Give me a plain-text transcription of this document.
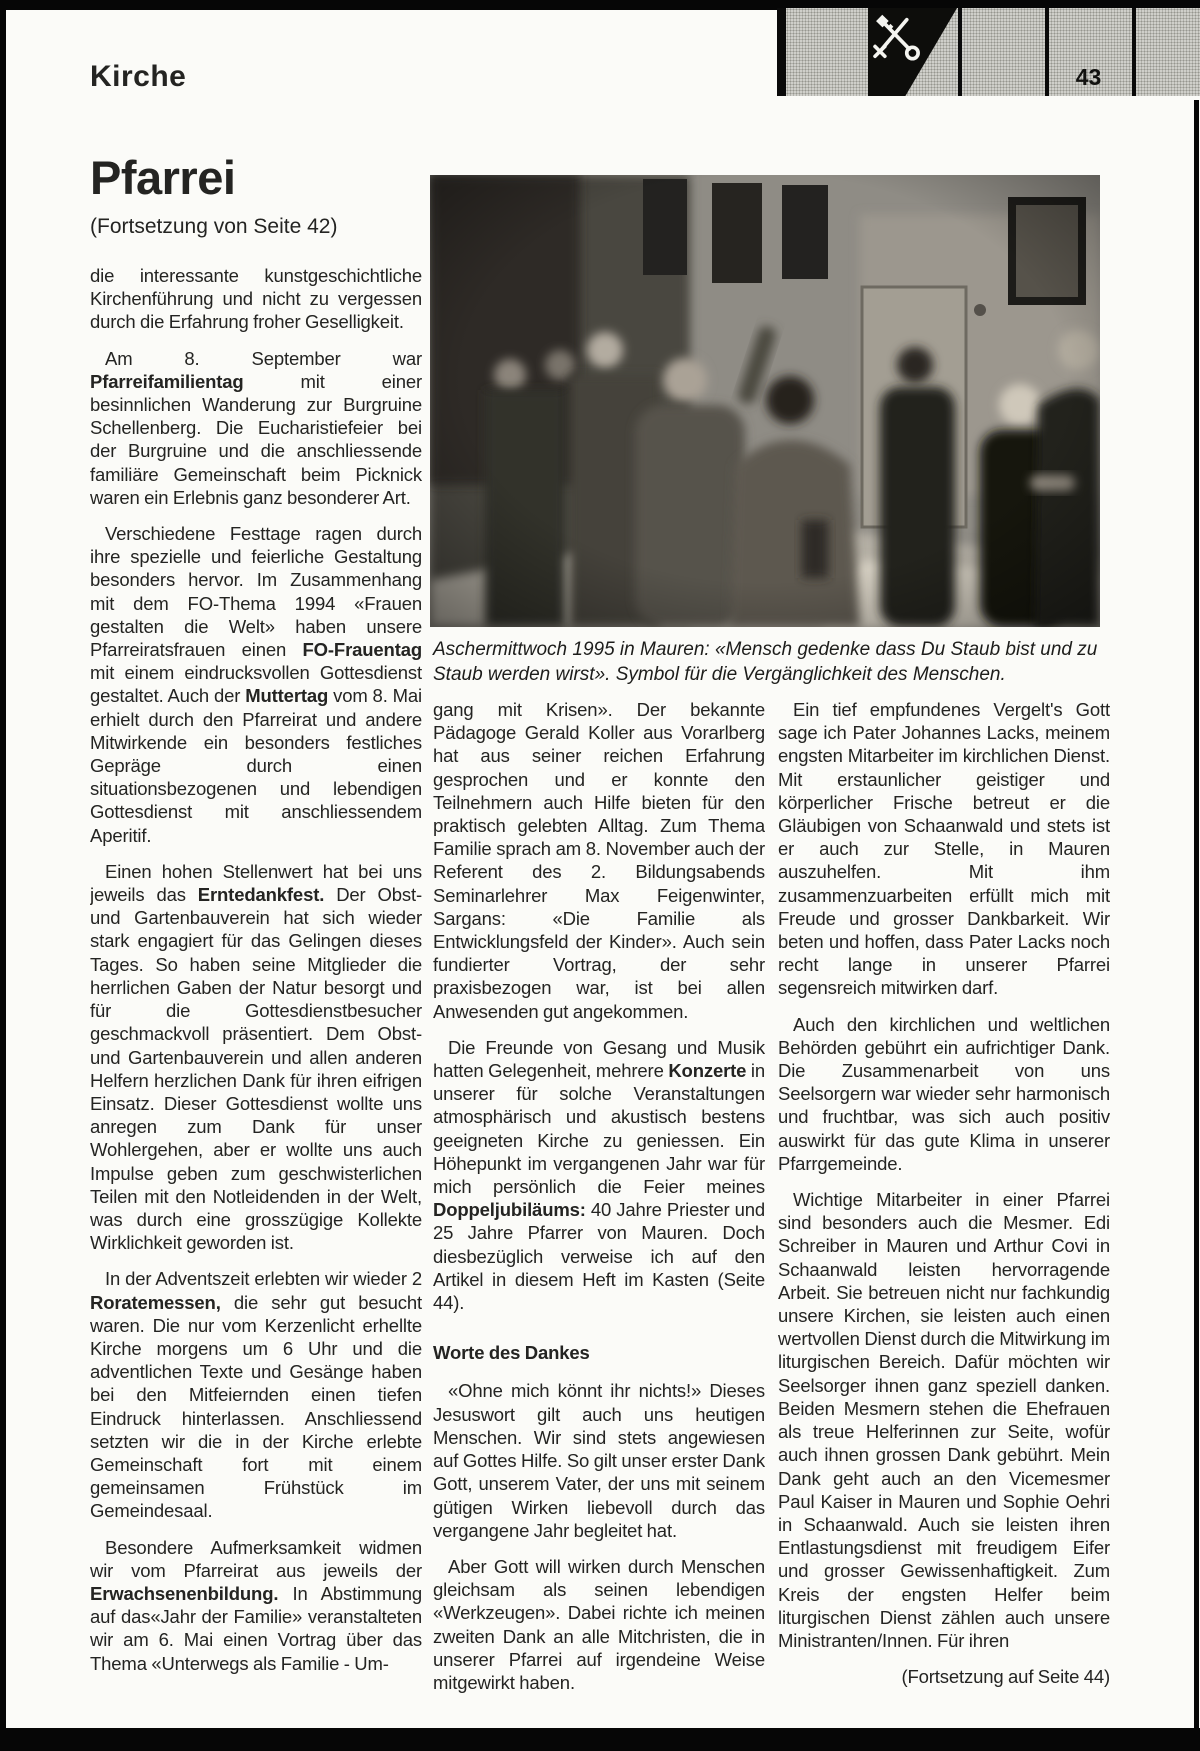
Kirche	43
Pfarrei
(Fortsetzung von Seite 42)
Aschermittwoch 1995 in Mauren: «Mensch gedenke dass Du Staub bist und zu Staub werden wirst». Symbol für die Vergänglichkeit des Menschen.

die interessante kunstgeschichtliche Kirchenführung und nicht zu vergessen durch die Erfahrung froher Geselligkeit.

Am 8. September war Pfarreifamilientag mit einer besinnlichen Wanderung zur Burgruine Schellenberg. Die Eucharistiefeier bei der Burgruine und die anschliessende familiäre Gemeinschaft beim Picknick waren ein Erlebnis ganz besonderer Art.

Verschiedene Festtage ragen durch ihre spezielle und feierliche Gestaltung besonders hervor. Im Zusammenhang mit dem FO-Thema 1994 «Frauen gestalten die Welt» haben unsere Pfarreiratsfrauen einen FO-Frauentag mit einem eindrucksvollen Gottesdienst gestaltet. Auch der Muttertag vom 8. Mai erhielt durch den Pfarreirat und andere Mitwirkende ein besonders festliches Gepräge durch einen situationsbezogenen und lebendigen Gottesdienst mit anschliessendem Aperitif.

Einen hohen Stellenwert hat bei uns jeweils das Erntedankfest. Der Obst- und Gartenbauverein hat sich wieder stark engagiert für das Gelingen dieses Tages. So haben seine Mitglieder die herrlichen Gaben der Natur besorgt und für die Gottesdienstbesucher geschmackvoll präsentiert. Dem Obst- und Gartenbauverein und allen anderen Helfern herzlichen Dank für ihren eifrigen Einsatz. Dieser Gottesdienst wollte uns anregen zum Dank für unser Wohlergehen, aber er wollte uns auch Impulse geben zum geschwisterlichen Teilen mit den Notleidenden in der Welt, was durch eine grosszügige Kollekte Wirklichkeit geworden ist.

In der Adventszeit erlebten wir wieder 2 Roratemessen, die sehr gut besucht waren. Die nur vom Kerzenlicht erhellte Kirche morgens um 6 Uhr und die adventlichen Texte und Gesänge haben bei den Mitfeiernden einen tiefen Eindruck hinterlassen. Anschliessend setzten wir die in der Kirche erlebte Gemeinschaft fort mit einem gemeinsamen Frühstück im Gemeindesaal.

Besondere Aufmerksamkeit widmen wir vom Pfarreirat aus jeweils der Erwachsenenbildung. In Abstimmung auf das«Jahr der Familie» veranstalteten wir am 6. Mai einen Vortrag über das Thema «Unterwegs als Familie - Um-

gang mit Krisen». Der bekannte Pädagoge Gerald Koller aus Vorarlberg hat aus seiner reichen Erfahrung gesprochen und er konnte den Teilnehmern auch Hilfe bieten für den praktisch gelebten Alltag. Zum Thema Familie sprach am 8. November auch der Referent des 2. Bildungsabends Seminarlehrer Max Feigenwinter, Sargans: «Die Familie als Entwicklungsfeld der Kinder». Auch sein fundierter Vortrag, der sehr praxisbezogen war, ist bei allen Anwesenden gut angekommen.

Die Freunde von Gesang und Musik hatten Gelegenheit, mehrere Konzerte in unserer für solche Veranstaltungen atmosphärisch und akustisch bestens geeigneten Kirche zu geniessen. Ein Höhepunkt im vergangenen Jahr war für mich persönlich die Feier meines Doppeljubiläums: 40 Jahre Priester und 25 Jahre Pfarrer von Mauren. Doch diesbezüglich verweise ich auf den Artikel in diesem Heft im Kasten (Seite 44).

Worte des Dankes

«Ohne mich könnt ihr nichts!» Dieses Jesuswort gilt auch uns heutigen Menschen. Wir sind stets angewiesen auf Gottes Hilfe. So gilt unser erster Dank Gott, unserem Vater, der uns mit seinem gütigen Wirken liebevoll durch das vergangene Jahr begleitet hat.

Aber Gott will wirken durch Menschen gleichsam als seinen lebendigen «Werkzeugen». Dabei richte ich meinen zweiten Dank an alle Mitchristen, die in unserer Pfarrei auf irgendeine Weise mitgewirkt haben.

Ein tief empfundenes Vergelt's Gott sage ich Pater Johannes Lacks, meinem engsten Mitarbeiter im kirchlichen Dienst. Mit erstaunlicher geistiger und körperlicher Frische betreut er die Gläubigen von Schaanwald und stets ist er auch zur Stelle, in Mauren auszuhelfen. Mit ihm zusammenzuarbeiten erfüllt mich mit Freude und grosser Dankbarkeit. Wir beten und hoffen, dass Pater Lacks noch recht lange in unserer Pfarrei segensreich mitwirken darf.

Auch den kirchlichen und weltlichen Behörden gebührt ein aufrichtiger Dank. Die Zusammenarbeit von uns Seelsorgern war wieder sehr harmonisch und fruchtbar, was sich auch positiv auswirkt für das gute Klima in unserer Pfarrgemeinde.

Wichtige Mitarbeiter in einer Pfarrei sind besonders auch die Mesmer. Edi Schreiber in Mauren und Arthur Covi in Schaanwald leisten hervorragende Arbeit. Sie betreuen nicht nur fachkundig unsere Kirchen, sie leisten auch einen wertvollen Dienst durch die Mitwirkung im liturgischen Bereich. Dafür möchten wir Seelsorger ihnen ganz speziell danken. Beiden Mesmern stehen die Ehefrauen als treue Helferinnen zur Seite, wofür auch ihnen grossen Dank gebührt. Mein Dank geht auch an den Vicemesmer Paul Kaiser in Mauren und Sophie Oehri in Schaanwald. Auch sie leisten ihren Entlastungsdienst mit freudigem Eifer und grosser Gewissenhaftigkeit. Zum Kreis der engsten Helfer beim liturgischen Dienst zählen auch unsere Ministranten/Innen. Für ihren

(Fortsetzung auf Seite 44)
